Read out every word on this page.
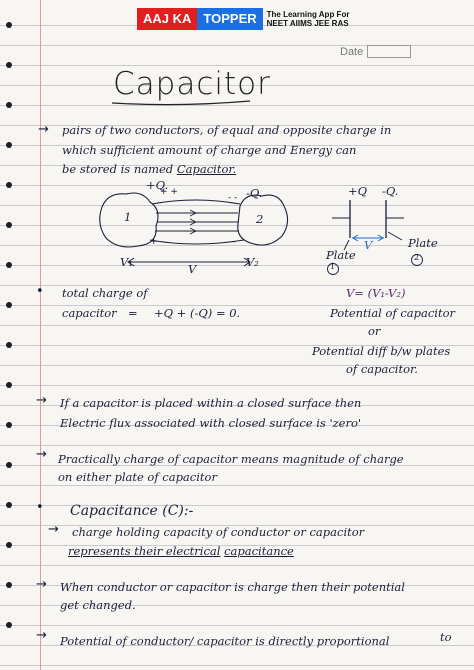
AAJ KA TOPPER	The Learning App For
NEET AIIMS JEE RAS
Date
Capacitor
→ pairs of two conductors, of equal and opposite charge in
which sufficient amount of charge and Energy can
be stored is named Capacitor.
+ +
+
- -
-
+Q.
-Q.
1	2
V₁	V	V₂
+Q -Q.
V	Plate
Plate
1
2
• total charge of
capacitor = +Q + (-Q) = 0.
V= (V₁-V₂)
Potential of capacitor
or
Potential diff b/w plates
of capacitor.
→ If a capacitor is placed within a closed surface then
Electric flux associated with closed surface is 'zero'
→ Practically charge of capacitor means magnitude of charge
on either plate of capacitor
• Capacitance (C):-
→ charge holding capacity of conductor or capacitor
represents their electrical capacitance
→ When conductor or capacitor is charge then their potential
get changed.
→ Potential of conductor/ capacitor is directly proportional	to
